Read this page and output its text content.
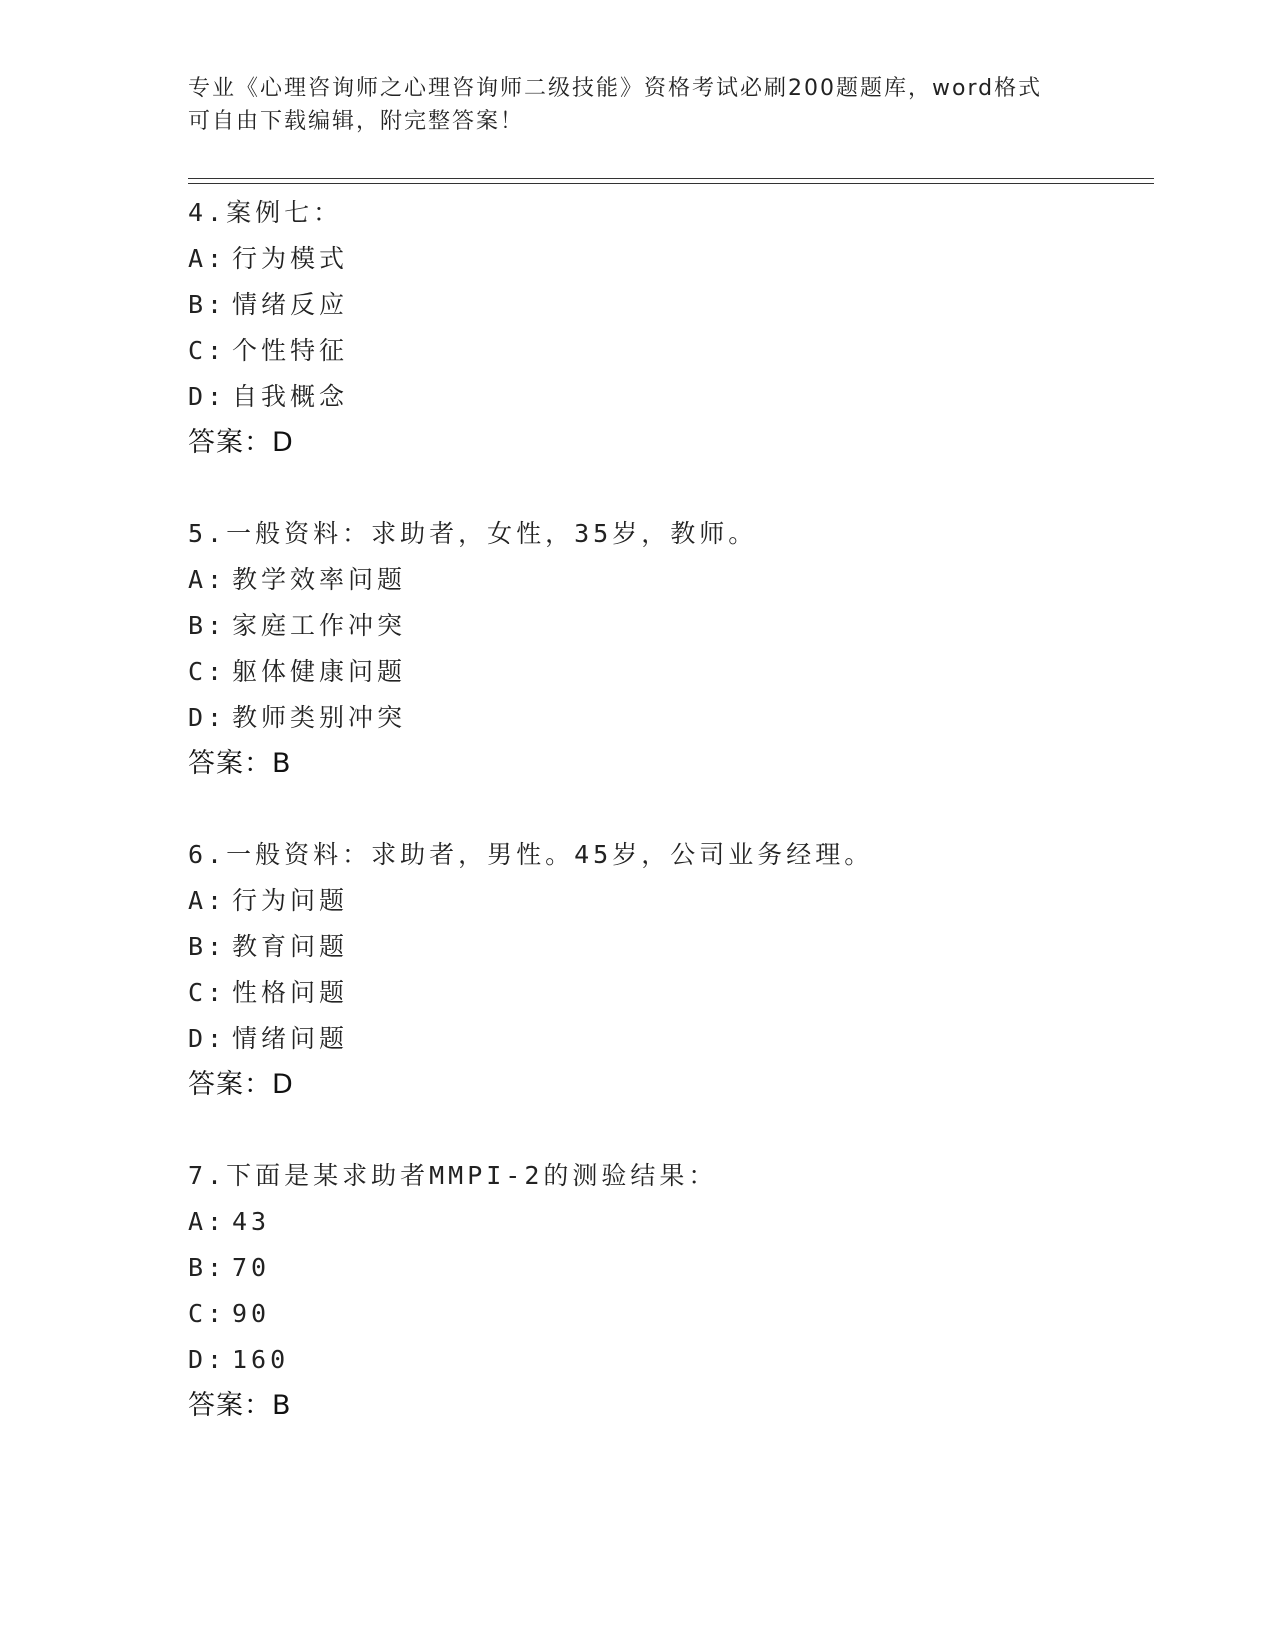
专业《心理咨询师之心理咨询师二级技能》资格考试必刷200题题库，word格式

可自由下载编辑，附完整答案！

4.案例七：
A: 行为模式
B: 情绪反应
C: 个性特征
D: 自我概念
答案：D
5.一般资料：求助者，女性，35岁，教师。
A: 教学效率问题
B: 家庭工作冲突
C: 躯体健康问题
D: 教师类别冲突
答案：B
6.一般资料：求助者，男性。45岁，公司业务经理。
A: 行为问题
B: 教育问题
C: 性格问题
D: 情绪问题
答案：D
7.下面是某求助者MMPI-2的测验结果：
A: 43
B: 70
C: 90
D: 160
答案：B
